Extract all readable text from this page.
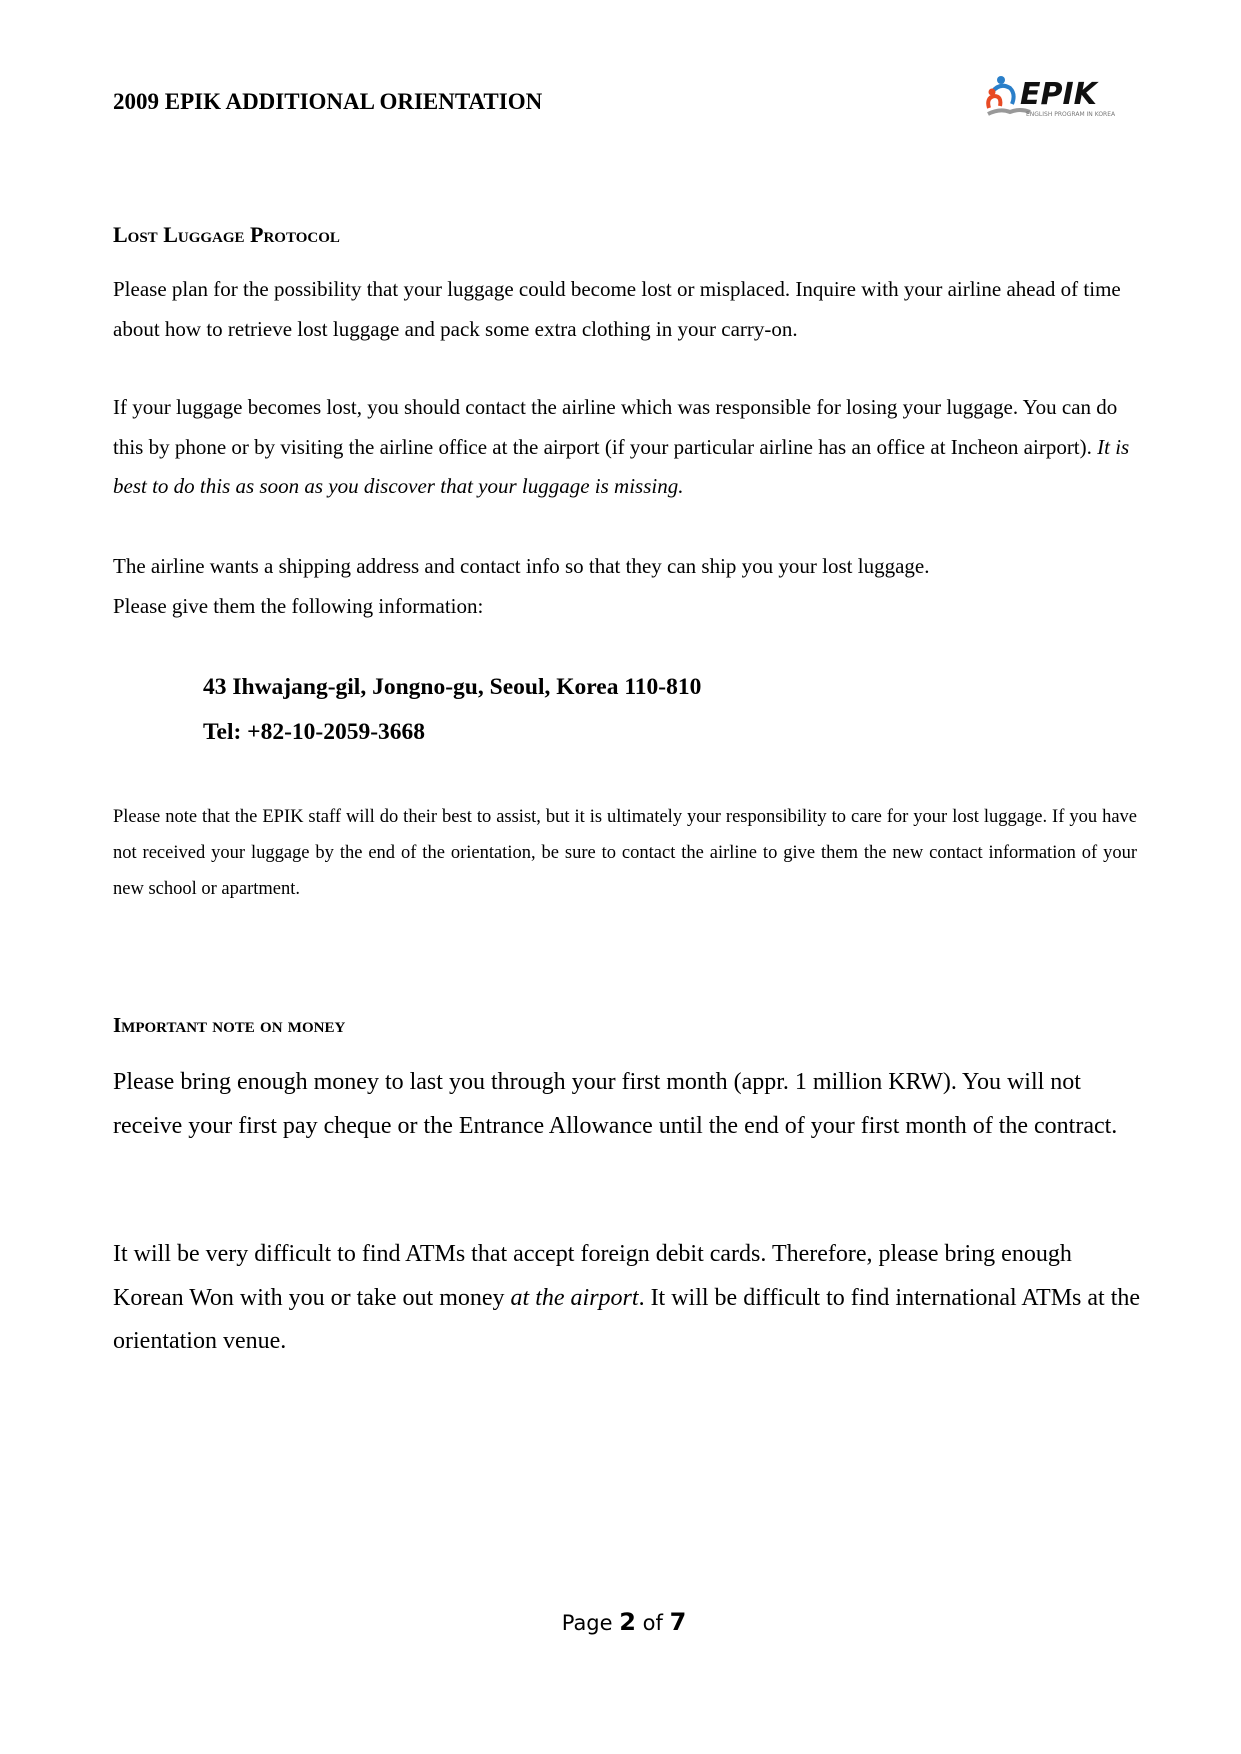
2009 EPIK ADDITIONAL ORIENTATION	EPIK
ENGLISH PROGRAM IN KOREA
Lost Luggage Protocol
Please plan for the possibility that your luggage could become lost or misplaced. Inquire with your airline ahead of time about how to retrieve lost luggage and pack some extra clothing in your carry-on.
If your luggage becomes lost, you should contact the airline which was responsible for losing your luggage. You can do this by phone or by visiting the airline office at the airport (if your particular airline has an office at Incheon airport). It is best to do this as soon as you discover that your luggage is missing.
The airline wants a shipping address and contact info so that they can ship you your lost luggage.
Please give them the following information:
43 Ihwajang-gil, Jongno-gu, Seoul, Korea 110-810
Tel: +82-10-2059-3668
Please note that the EPIK staff will do their best to assist, but it is ultimately your responsibility to care for your lost luggage. If you have not received your luggage by the end of the orientation, be sure to contact the airline to give them the new contact information of your new school or apartment.
Important note on money
Please bring enough money to last you through your first month (appr. 1 million KRW). You will not receive your first pay cheque or the Entrance Allowance until the end of your first month of the contract.
It will be very difficult to find ATMs that accept foreign debit cards. Therefore, please bring enough Korean Won with you or take out money at the airport. It will be difficult to find international ATMs at the orientation venue.
Page 2 of 7
